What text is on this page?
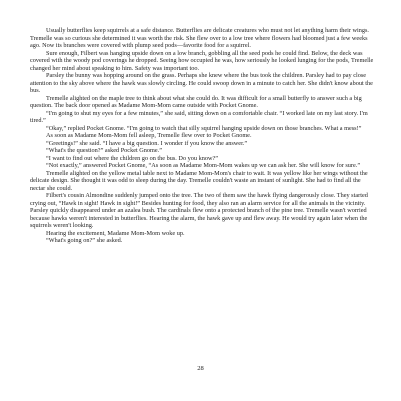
Usually butterflies keep squirrels at a safe distance. Butterflies are delicate creatures who must not let anything harm their wings. Tremelle was so curious she determined it was worth the risk. She flew over to a low tree where flowers had bloomed just a few weeks ago. Now its branches were covered with plump seed pods—favorite food for a squirrel.

Sure enough, Filbert was hanging upside down on a low branch, gobbling all the seed pods he could find. Below, the deck was covered with the woody pod coverings he dropped. Seeing how occupied he was, how seriously he looked lunging for the pods, Tremelle changed her mind about speaking to him. Safety was important too.

Parsley the bunny was hopping around on the grass. Perhaps she knew where the bus took the children. Parsley had to pay close attention to the sky above where the hawk was slowly circling. He could swoop down in a minute to catch her. She didn't know about the bus.

Tremelle alighted on the maple tree to think about what she could do. It was difficult for a small butterfly to answer such a big question. The back door opened as Madame Mom-Mom came outside with Pocket Gnome.

“I'm going to shut my eyes for a few minutes,” she said, sitting down on a comfortable chair. “I worked late on my last story. I'm tired.”

“Okay,” replied Pocket Gnome. “I'm going to watch that silly squirrel hanging upside down on those branches. What a mess!”

As soon as Madame Mom-Mom fell asleep, Tremelle flew over to Pocket Gnome.

“Greetings!” she said. “I have a big question. I wonder if you know the answer.”

“What's the question?” asked Pocket Gnome.”

“I want to find out where the children go on the bus. Do you know?”

“Not exactly,” answered Pocket Gnome, “As soon as Madame Mom-Mom wakes up we can ask her. She will know for sure.”

Tremelle alighted on the yellow metal table next to Madame Mom-Mom's chair to wait. It was yellow like her wings without the delicate design. She thought it was odd to sleep during the day. Tremelle couldn't waste an instant of sunlight. She had to find all the nectar she could.

Filbert's cousin Almondine suddenly jumped onto the tree. The two of them saw the hawk flying dangerously close. They started crying out, “Hawk in sight! Hawk in sight!” Besides hunting for food, they also ran an alarm service for all the animals in the vicinity. Parsley quickly disappeared under an azalea bush. The cardinals flew onto a protected branch of the pine tree. Tremelle wasn't worried because hawks weren't interested in butterflies. Hearing the alarm, the hawk gave up and flew away. He would try again later when the squirrels weren't looking.

Hearing the excitement, Madame Mom-Mom woke up.

“What's going on?” she asked.

28
